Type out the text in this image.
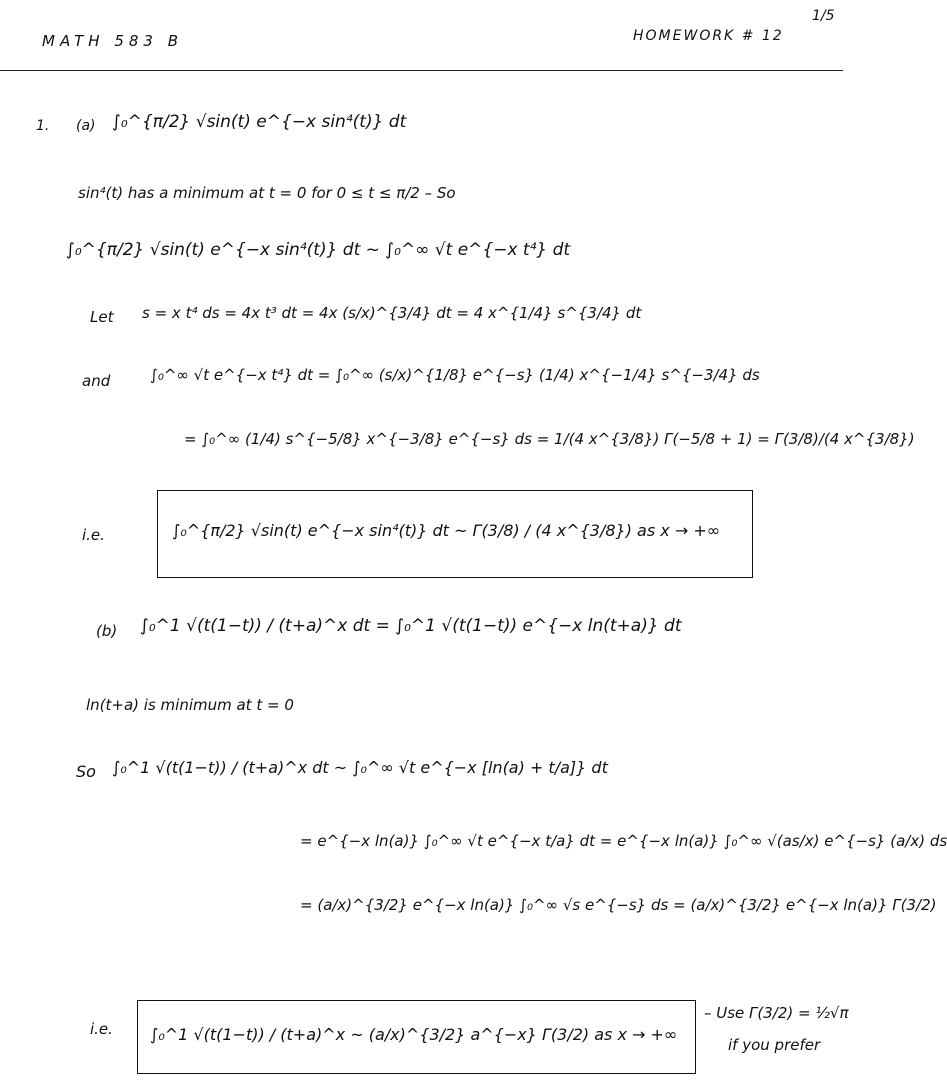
MATH 583 B	HOMEWORK # 12
1/5
1. (a) ∫₀^{π/2} √sin(t) e^{−x sin⁴(t)} dt
sin⁴(t) has a minimum at t = 0 for 0 ≤ t ≤ π/2 – So
∫₀^{π/2} √sin(t) e^{−x sin⁴(t)} dt ~ ∫₀^∞ √t e^{−x t⁴} dt
Let s = x t⁴ ds = 4x t³ dt = 4x (s/x)^{3/4} dt = 4 x^{1/4} s^{3/4} dt
and	∫₀^∞ √t e^{−x t⁴} dt = ∫₀^∞ (s/x)^{1/8} e^{−s} (1/4) x^{−1/4} s^{−3/4} ds
= ∫₀^∞ (1/4) s^{−5/8} x^{−3/8} e^{−s} ds = 1/(4 x^{3/8}) Γ(−5/8 + 1) = Γ(3/8)/(4 x^{3/8})
i.e.	∫₀^{π/2} √sin(t) e^{−x sin⁴(t)} dt ~ Γ(3/8) / (4 x^{3/8}) as x → +∞
(b) ∫₀^1 √(t(1−t)) / (t+a)^x dt = ∫₀^1 √(t(1−t)) e^{−x ln(t+a)} dt
ln(t+a) is minimum at t = 0
So ∫₀^1 √(t(1−t)) / (t+a)^x dt ~ ∫₀^∞ √t e^{−x [ln(a) + t/a]} dt
= e^{−x ln(a)} ∫₀^∞ √t e^{−x t/a} dt = e^{−x ln(a)} ∫₀^∞ √(as/x) e^{−s} (a/x) ds
= (a/x)^{3/2} e^{−x ln(a)} ∫₀^∞ √s e^{−s} ds = (a/x)^{3/2} e^{−x ln(a)} Γ(3/2)
i.e. ∫₀^1 √(t(1−t)) / (t+a)^x ~ (a/x)^{3/2} a^{−x} Γ(3/2) as x → +∞
– Use Γ(3/2) = ½√π
if you prefer
